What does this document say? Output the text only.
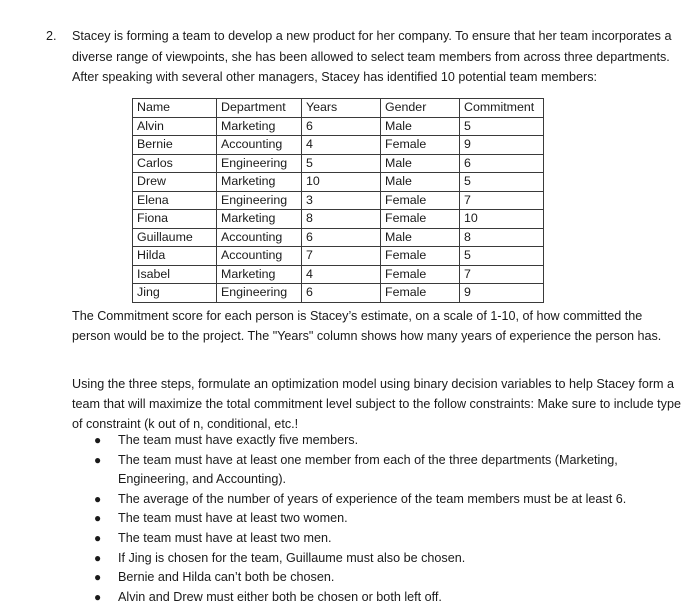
2. Stacey is forming a team to develop a new product for her company. To ensure that her team incorporates a diverse range of viewpoints, she has been allowed to select team members from across three departments. After speaking with several other managers, Stacey has identified 10 potential team members:

Name	Department	Years	Gender	Commitment
Alvin	Marketing	6	Male	5
Bernie	Accounting	4	Female	9
Carlos	Engineering	5	Male	6
Drew	Marketing	10	Male	5
Elena	Engineering	3	Female	7
Fiona	Marketing	8	Female	10
Guillaume	Accounting	6	Male	8
Hilda	Accounting	7	Female	5
Isabel	Marketing	4	Female	7
Jing	Engineering	6	Female	9

The Commitment score for each person is Stacey’s estimate, on a scale of 1-10, of how committed the person would be to the project. The "Years" column shows how many years of experience the person has.

Using the three steps, formulate an optimization model using binary decision variables to help Stacey form a team that will maximize the total commitment level subject to the follow constraints: Make sure to include type of constraint (k out of n, conditional, etc.!

● The team must have exactly five members.
● The team must have at least one member from each of the three departments (Marketing, Engineering, and Accounting).
● The average of the number of years of experience of the team members must be at least 6.
● The team must have at least two women.
● The team must have at least two men.
● If Jing is chosen for the team, Guillaume must also be chosen.
● Bernie and Hilda can’t both be chosen.
● Alvin and Drew must either both be chosen or both left off.
